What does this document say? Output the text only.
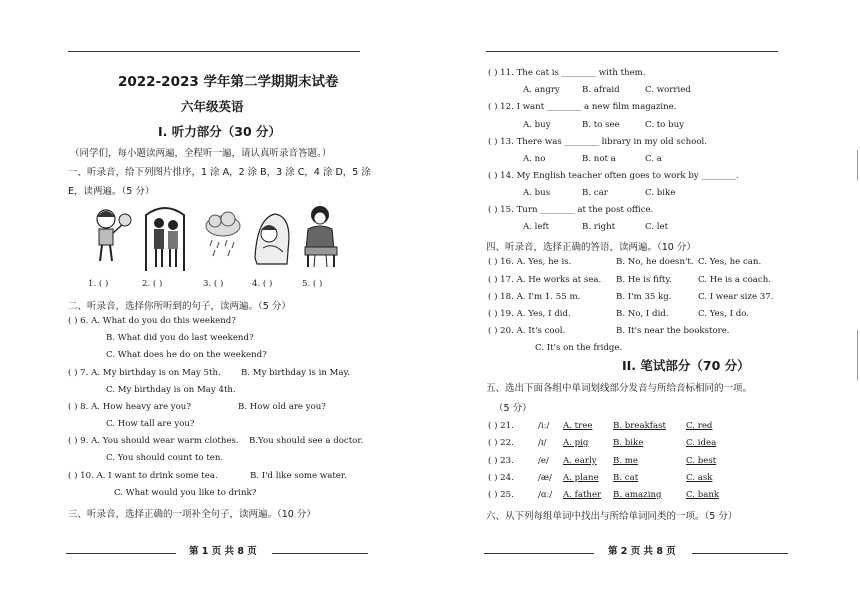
2022-2023 学年第二学期期末试卷
六年级英语
I. 听力部分（30 分）
（同学们，每小题读两遍，全程听一遍，请认真听录音答题。）
一、听录音，给下列图片排序，1 涂 A，2 涂 B，3 涂 C，4 涂 D，5 涂
E，读两遍。（5 分）
1. ( )	2. ( )	3. ( )	4. ( )	5. ( )
二、听录音，选择你所听到的句子，读两遍。（5 分）
( ) 6. A. What do you do this weekend?
B. What did you do last weekend?
C. What does he do on the weekend?
( ) 7. A. My birthday is on May 5th. B. My birthday is in May.
C. My birthday is on May 4th.
( ) 8. A. How heavy are you?	B. How old are you?
C. How tall are you?
( ) 9. A. You should wear warm clothes. B.You should see a doctor.
C. You should count to ten.
( ) 10. A. I want to drink some tea.	B. I'd like some water.
C. What would you like to drink?
三、听录音，选择正确的一项补全句子，读两遍。（10 分）
第 1 页 共 8 页
( ) 11. The cat is ________ with them.
A. angry	B. afraid	C. worried
( ) 12. I want ________ a new film magazine.
A. buy	B. to see	C. to buy
( ) 13. There was ________ library in my old school.
A. no	B. not a	C. a
( ) 14. My English teacher often goes to work by ________.
A. bus	B. car	C. bike
( ) 15. Turn ________ at the post office.
A. left	B. right	C. let
四、听录音，选择正确的答语，读两遍。（10 分）
( ) 16. A. Yes, he is.	B. No, he doesn't. C. Yes, he can.
( ) 17. A. He works at sea. B. He is fifty.	C. He is a coach.
( ) 18. A. I'm 1. 55 m.	B. I'm 35 kg.	C. I wear size 37.
( ) 19. A. Yes, I did.	B. No, I did.	C. Yes, I do.
( ) 20. A. It's cool.	B. It's near the bookstore.
C. It's on the fridge.
II. 笔试部分（70 分）
五、选出下面各组中单词划线部分发音与所给音标相同的一项。
（5 分）
( ) 21.	/iː/ A. tree B. breakfast C. red
( ) 22.	/ɪ/ A. pig	B. bike	C. idea
( ) 23.	/e/ A. early B. me	C. best
( ) 24.	/æ/ A. plane B. cat	C. ask
( ) 25.	/ɑː/ A. father B. amazing	C. bank
六、从下列每组单词中找出与所给单词同类的一项。（5 分）
第 2 页 共 8 页
